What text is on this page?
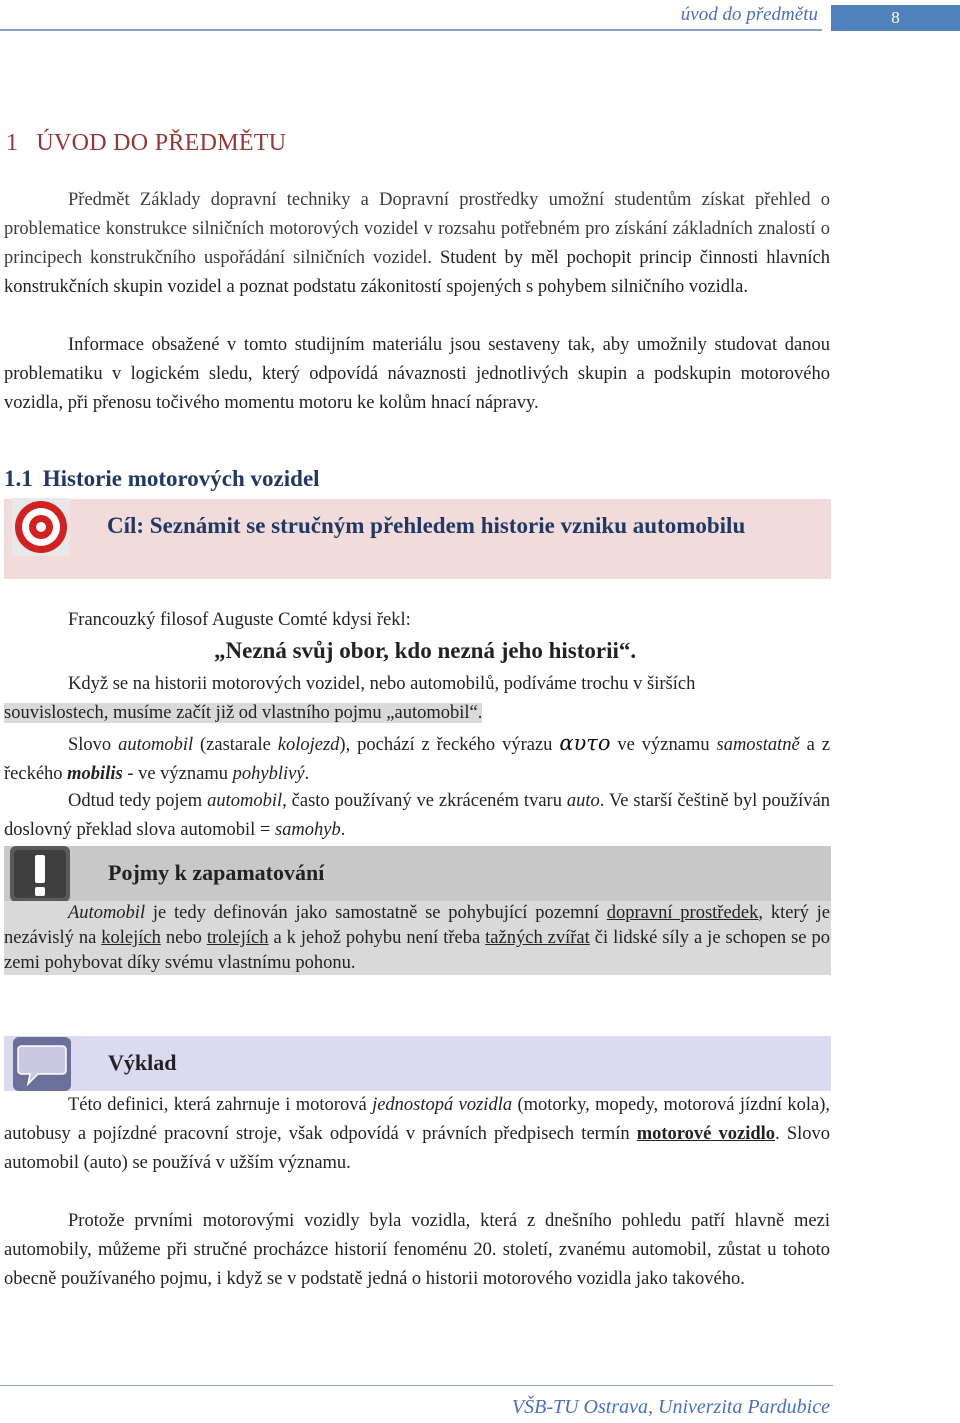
úvod do předmětu	8
1 ÚVOD DO PŘEDMĚTU
Předmět Základy dopravní techniky a Dopravní prostředky umožní studentům získat přehled o problematice konstrukce silničních motorových vozidel v rozsahu potřebném pro získání základních znalostí o principech konstrukčního uspořádání silničních vozidel. Student by měl pochopit princip činnosti hlavních konstrukčních skupin vozidel a poznat podstatu zákonitostí spojených s pohybem silničního vozidla.
Informace obsažené v tomto studijním materiálu jsou sestaveny tak, aby umožnily studovat danou problematiku v logickém sledu, který odpovídá návaznosti jednotlivých skupin a podskupin motorového vozidla, při přenosu točivého momentu motoru ke kolům hnací nápravy.
1.1 Historie motorových vozidel
Cíl: Seznámit se stručným přehledem historie vzniku automobilu
Francouzký filosof Auguste Comté kdysi řekl:
„Nezná svůj obor, kdo nezná jeho historii“.
Když se na historii motorových vozidel, nebo automobilů, podíváme trochu v širších
souvislostech, musíme začít již od vlastního pojmu „automobil“.
Slovo automobil (zastarale kolojezd), pochází z řeckého výrazu αυτο ve významu samostatně a z řeckého mobilis - ve významu pohyblivý.
Odtud tedy pojem automobil, často používaný ve zkráceném tvaru auto. Ve starší češtině byl používán doslovný překlad slova automobil = samohyb.
Pojmy k zapamatování
Automobil je tedy definován jako samostatně se pohybující pozemní dopravní prostředek, který je nezávislý na kolejích nebo trolejích a k jehož pohybu není třeba tažných zvířat či lidské síly a je schopen se po zemi pohybovat díky svému vlastnímu pohonu.
Výklad
Této definici, která zahrnuje i motorová jednostopá vozidla (motorky, mopedy, motorová jízdní kola), autobusy a pojízdné pracovní stroje, však odpovídá v právních předpisech termín motorové vozidlo. Slovo automobil (auto) se používá v užším významu.
Protože prvními motorovými vozidly byla vozidla, která z dnešního pohledu patří hlavně mezi automobily, můžeme při stručné procházce historií fenoménu 20. století, zvanému automobil, zůstat u tohoto obecně používaného pojmu, i když se v podstatě jedná o historii motorového vozidla jako takového.
VŠB-TU Ostrava, Univerzita Pardubice
